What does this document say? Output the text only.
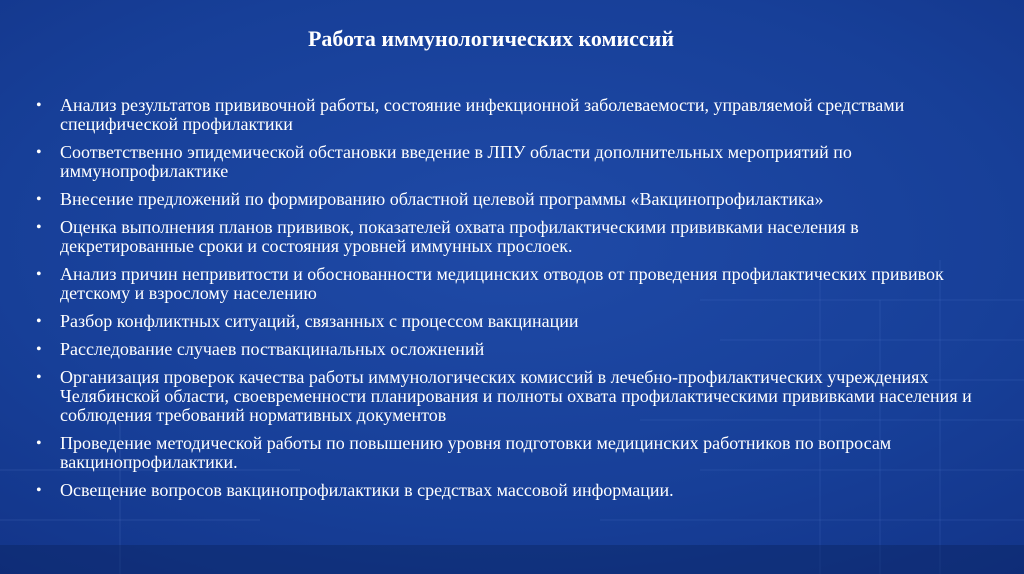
Работа иммунологических комиссий
•	Анализ результатов прививочной работы, состояние инфекционной заболеваемости, управляемой средствами специфической профилактики
•	Соответственно эпидемической обстановки введение в ЛПУ области дополнительных мероприятий по иммунопрофилактике
•	Внесение предложений по формированию областной целевой программы «Вакцинопрофилактика»
•	Оценка выполнения планов прививок, показателей охвата профилактическими прививками населения в декретированные сроки и состояния уровней иммунных прослоек.
•	Анализ причин непривитости и обоснованности медицинских отводов от проведения профилактических прививок детскому и взрослому населению
•	Разбор конфликтных ситуаций, связанных с процессом вакцинации
•	Расследование случаев поствакцинальных осложнений
•	Организация проверок качества работы иммунологических комиссий в лечебно-профилактических учреждениях Челябинской области, своевременности планирования и полноты охвата профилактическими прививками населения и соблюдения требований нормативных документов
•	Проведение методической работы по повышению уровня подготовки медицинских работников по вопросам вакцинопрофилактики.
•	Освещение вопросов вакцинопрофилактики в средствах массовой информации.
